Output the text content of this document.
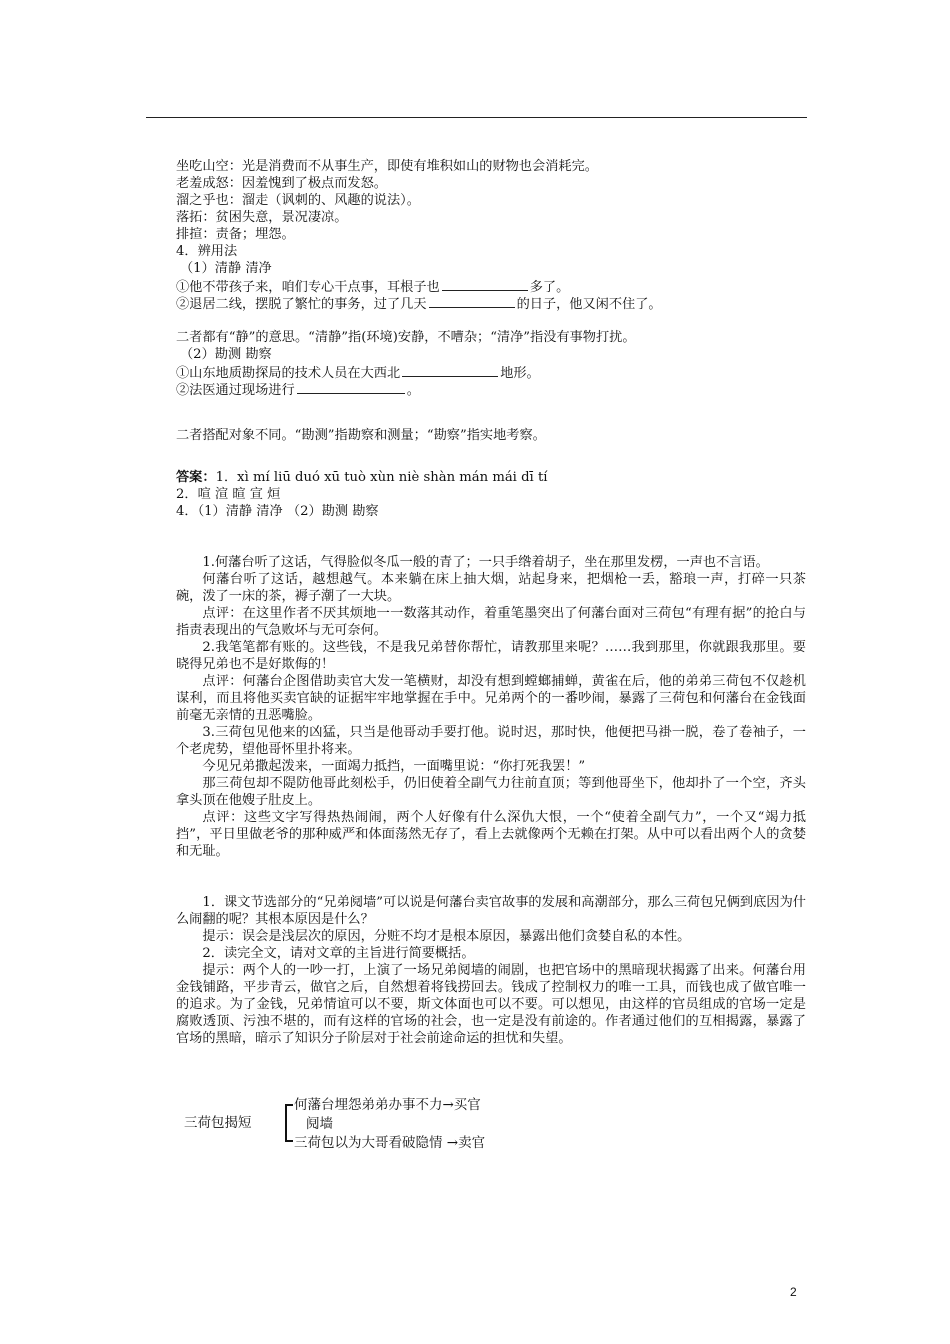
坐吃山空：光是消费而不从事生产，即使有堆积如山的财物也会消耗完。
老羞成怒：因羞愧到了极点而发怒。
溜之乎也：溜走（讽刺的、风趣的说法）。
落拓：贫困失意，景况凄凉。
排揎：责备；埋怨。
4．辨用法
（1）清静 清净
①他不带孩子来，咱们专心干点事，耳根子也	多了。
②退居二线，摆脱了繁忙的事务，过了几天	的日子，他又闲不住了。
二者都有“静”的意思。“清静”指(环境)安静，不嘈杂；“清净”指没有事物打扰。
（2）勘测 勘察
①山东地质勘探局的技术人员在大西北	地形。
②法医通过现场进行	。
二者搭配对象不同。“勘测”指勘察和测量；“勘察”指实地考察。
答案：1．xì mí liū duó xū tuò xùn niè shàn mán mái dī tí
2．喧 渲 暄 宣 烜
4．（1）清静 清净 （2）勘测 勘察

1.何藩台听了这话，气得脸似冬瓜一般的青了；一只手绺着胡子，坐在那里发楞，一声也不言语。

何藩台听了这话，越想越气。本来躺在床上抽大烟，站起身来，把烟枪一丢，豁琅一声，打碎一只茶碗，泼了一床的茶，褥子潮了一大块。

点评：在这里作者不厌其烦地一一数落其动作，着重笔墨突出了何藩台面对三荷包“有理有据”的抢白与指责表现出的气急败坏与无可奈何。

2.我笔笔都有账的。这些钱，不是我兄弟替你帮忙，请教那里来呢？……我到那里，你就跟我那里。要晓得兄弟也不是好欺侮的！

点评：何藩台企图借助卖官大发一笔横财，却没有想到螳螂捕蝉，黄雀在后，他的弟弟三荷包不仅趁机谋利，而且将他买卖官缺的证据牢牢地掌握在手中。兄弟两个的一番吵闹，暴露了三荷包和何藩台在金钱面前毫无亲情的丑恶嘴脸。

3.三荷包见他来的凶猛，只当是他哥动手要打他。说时迟，那时快，他便把马褂一脱，卷了卷袖子，一个老虎势，望他哥怀里扑将来。

今见兄弟撒起泼来，一面竭力抵挡，一面嘴里说：“你打死我罢！”

那三荷包却不隄防他哥此刻松手，仍旧使着全副气力往前直顶；等到他哥坐下，他却扑了一个空，齐头拿头顶在他嫂子肚皮上。

点评：这些文字写得热热闹闹，两个人好像有什么深仇大恨，一个“使着全副气力”，一个又“竭力抵挡”，平日里做老爷的那种威严和体面荡然无存了，看上去就像两个无赖在打架。从中可以看出两个人的贪婪和无耻。

1．课文节选部分的“兄弟阋墙”可以说是何藩台卖官故事的发展和高潮部分，那么三荷包兄俩到底因为什么闹翻的呢？其根本原因是什么？

提示：误会是浅层次的原因，分赃不均才是根本原因，暴露出他们贪婪自私的本性。

2．读完全文，请对文章的主旨进行简要概括。

提示：两个人的一吵一打，上演了一场兄弟阋墙的闹剧，也把官场中的黑暗现状揭露了出来。何藩台用金钱铺路，平步青云，做官之后，自然想着将钱捞回去。钱成了控制权力的唯一工具，而钱也成了做官唯一的追求。为了金钱，兄弟情谊可以不要，斯文体面也可以不要。可以想见，由这样的官员组成的官场一定是腐败透顶、污浊不堪的，而有这样的官场的社会，也一定是没有前途的。作者通过他们的互相揭露，暴露了官场的黑暗，暗示了知识分子阶层对于社会前途命运的担忧和失望。

三荷包揭短
何藩台埋怨弟弟办事不力→买官
阋墙
三荷包以为大哥看破隐情 →卖官
2
